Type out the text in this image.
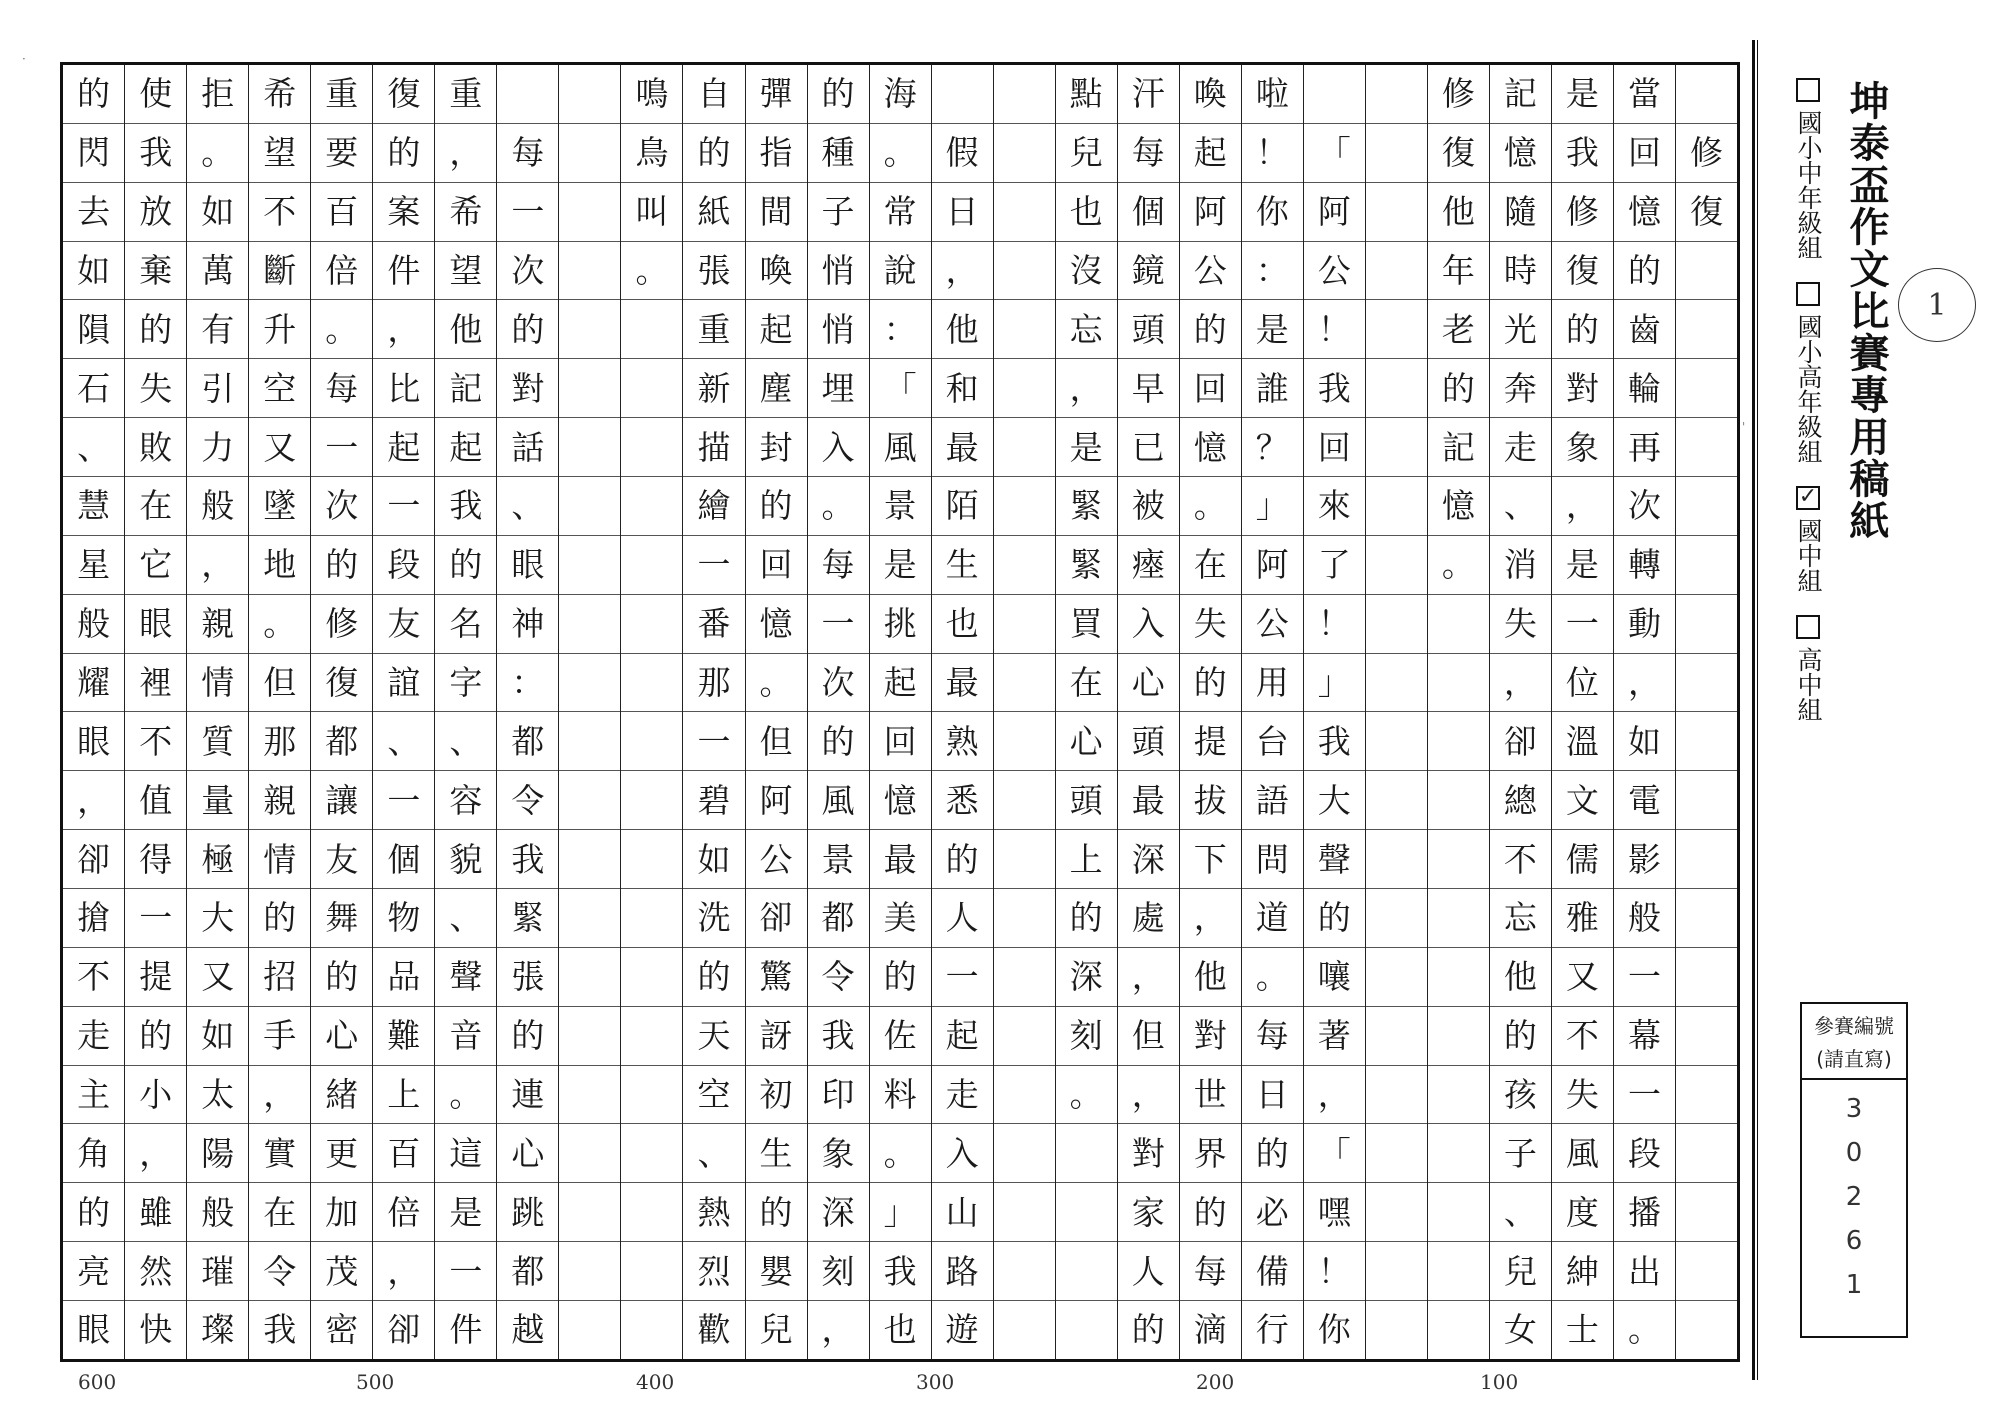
修
復
當
回
憶
的
齒
輪
再
次
轉
動
，
如
電
影
般
一
幕
一
段
播
出
。
是
我
修
復
的
對
象
，
是
一
位
溫
文
儒
雅
又
不
失
風
度
紳
士
記
憶
隨
時
光
奔
走
、
消
失
，
卻
總
不
忘
他
的
孩
子
、
兒
女
修
復
他
年
老
的
記
憶
。
「
阿
公
！
我
回
來
了
！
」
我
大
聲
的
嚷
著
，
「
嘿
！
你
啦
！
你
：
是
誰
？
」
阿
公
用
台
語
問
道
。
每
日
的
必
備
行
喚
起
阿
公
的
回
憶
。
在
失
的
提
拔
下
，
他
對
世
界
的
每
滴
汗
每
個
鏡
頭
早
已
被
瘞
入
心
頭
最
深
處
，
但
，
對
家
人
的
點
兒
也
沒
忘
，
是
緊
緊
買
在
心
頭
上
的
深
刻
。
假
日
，
他
和
最
陌
生
也
最
熟
悉
的
人
一
起
走
入
山
路
遊
海
。
常
說
：
「
風
景
是
挑
起
回
憶
最
美
的
佐
料
。
」
我
也
的
種
子
悄
悄
埋
入
。
每
一
次
的
風
景
都
令
我
印
象
深
刻
，
彈
指
間
喚
起
塵
封
的
回
憶
。
但
阿
公
卻
驚
訝
初
生
的
嬰
兒
自
的
紙
張
重
新
描
繪
一
番
那
一
碧
如
洗
的
天
空
、
熱
烈
歡
鳴
鳥
叫
。
每
一
次
的
對
話
、
眼
神
：
都
令
我
緊
張
的
連
心
跳
都
越
重
，
希
望
他
記
起
我
的
名
字
、
容
貌
、
聲
音
。
這
是
一
件
復
的
案
件
，
比
起
一
段
友
誼
、
一
個
物
品
難
上
百
倍
，
卻
重
要
百
倍
。
每
一
次
的
修
復
都
讓
友
舞
的
心
緒
更
加
茂
密
希
望
不
斷
升
空
又
墜
地
。
但
那
親
情
的
招
手
，
實
在
令
我
拒
。
如
萬
有
引
力
般
，
親
情
質
量
極
大
又
如
太
陽
般
璀
璨
使
我
放
棄
的
失
敗
在
它
眼
裡
不
值
得
一
提
的
小
，
雖
然
快
的
閃
去
如
隕
石
、
慧
星
般
耀
眼
，
卻
搶
不
走
主
角
的
亮
眼
600	500	400	300	200	100
國小中年級組
國小高年級組
✓
國中組
高中組
坤泰盃作文比賽專用稿紙	1
參賽編號
(請直寫)
3
0
2
6
1
·
'
